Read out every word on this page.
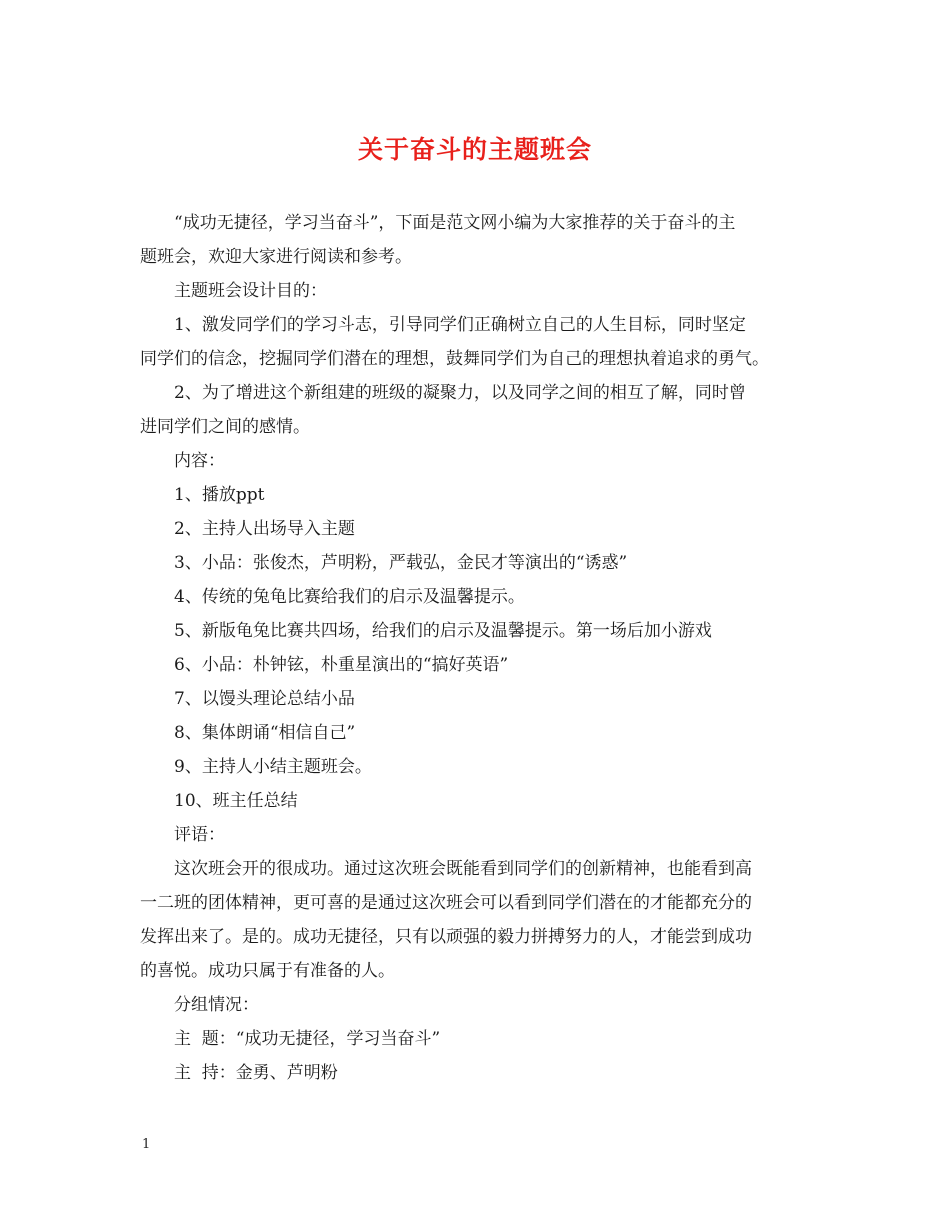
关于奋斗的主题班会
“成功无捷径，学习当奋斗”，下面是范文网小编为大家推荐的关于奋斗的主
题班会，欢迎大家进行阅读和参考。
主题班会设计目的：
1、激发同学们的学习斗志，引导同学们正确树立自己的人生目标，同时坚定
同学们的信念，挖掘同学们潜在的理想，鼓舞同学们为自己的理想执着追求的勇气。
2、为了增进这个新组建的班级的凝聚力，以及同学之间的相互了解，同时曾
进同学们之间的感情。
内容：
1、播放ppt
2、主持人出场导入主题
3、小品：张俊杰，芦明粉，严载弘，金民才等演出的“诱惑”
4、传统的兔龟比赛给我们的启示及温馨提示。
5、新版龟兔比赛共四场，给我们的启示及温馨提示。第一场后加小游戏
6、小品：朴钟铉，朴重星演出的“搞好英语”
7、以馒头理论总结小品
8、集体朗诵“相信自己”
9、主持人小结主题班会。
10、班主任总结
评语：
这次班会开的很成功。通过这次班会既能看到同学们的创新精神，也能看到高
一二班的团体精神，更可喜的是通过这次班会可以看到同学们潜在的才能都充分的
发挥出来了。是的。成功无捷径，只有以顽强的毅力拼搏努力的人，才能尝到成功
的喜悦。成功只属于有准备的人。
分组情况：
主  题：“成功无捷径，学习当奋斗”
主  持：金勇、芦明粉
1
